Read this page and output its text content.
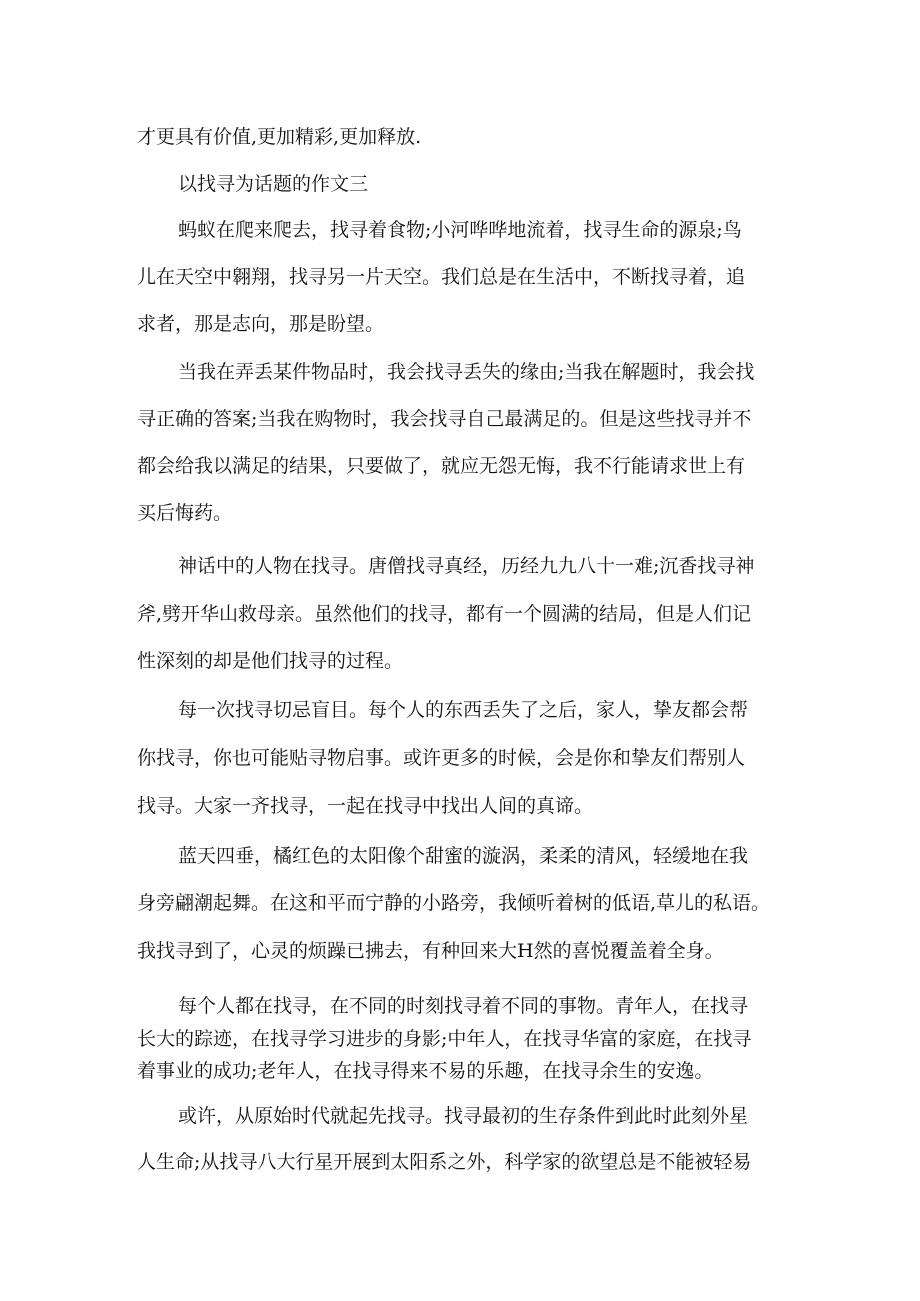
才更具有价值,更加精彩,更加释放.

以找寻为话题的作文三

蚂蚁在爬来爬去，找寻着食物;小河哗哗地流着，找寻生命的源泉;鸟

儿在天空中翱翔，找寻另一片天空。我们总是在生活中，不断找寻着，追

求者，那是志向，那是盼望。

当我在弄丢某件物品时，我会找寻丢失的缘由;当我在解题时，我会找

寻正确的答案;当我在购物时，我会找寻自己最满足的。但是这些找寻并不

都会给我以满足的结果，只要做了，就应无怨无悔，我不行能请求世上有

买后悔药。

神话中的人物在找寻。唐僧找寻真经，历经九九八十一难;沉香找寻神

斧,劈开华山救母亲。虽然他们的找寻，都有一个圆满的结局，但是人们记

性深刻的却是他们找寻的过程。

每一次找寻切忌盲目。每个人的东西丢失了之后，家人，挚友都会帮

你找寻，你也可能贴寻物启事。或许更多的时候，会是你和挚友们帮别人

找寻。大家一齐找寻，一起在找寻中找出人间的真谛。

蓝天四垂，橘红色的太阳像个甜蜜的漩涡，柔柔的清风，轻缓地在我

身旁翩潮起舞。在这和平而宁静的小路旁，我倾听着树的低语,草儿的私语。

我找寻到了，心灵的烦躁已拂去，有种回来大H然的喜悦覆盖着全身。

每个人都在找寻，在不同的时刻找寻着不同的事物。青年人，在找寻

长大的踪迹，在找寻学习进步的身影;中年人，在找寻华富的家庭，在找寻

着事业的成功;老年人，在找寻得来不易的乐趣，在找寻余生的安逸。

或许，从原始时代就起先找寻。找寻最初的生存条件到此时此刻外星

人生命;从找寻八大行星开展到太阳系之外，科学家的欲望总是不能被轻易
